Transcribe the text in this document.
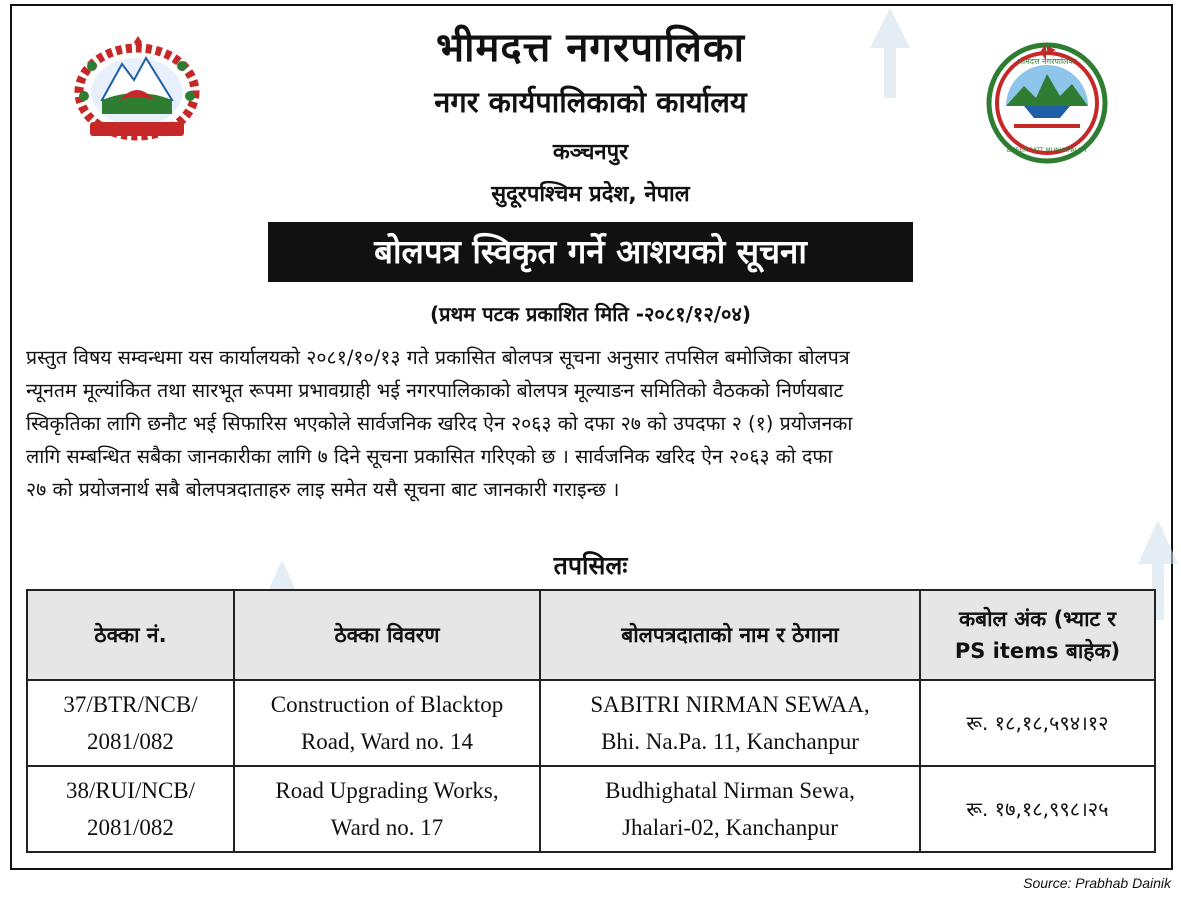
भीमदत्त नगरपालिका
BHEEMDATT MUNICIPALITY
भीमदत्त नगरपालिका
नगर कार्यपालिकाको कार्यालय
कञ्चनपुर
सुदूरपश्चिम प्रदेश, नेपाल
बोलपत्र स्विकृत गर्ने आशयको सूचना
(प्रथम पटक प्रकाशित मिति -२०८१/१२/०४)
प्रस्तुत विषय सम्वन्धमा यस कार्यालयको २०८१/१०/१३ गते प्रकासित बोलपत्र सूचना अनुसार तपसिल बमोजिका बोलपत्र
न्यूनतम मूल्यांकित तथा सारभूत रूपमा प्रभावग्राही भई नगरपालिकाको बोलपत्र मूल्याङन समितिको वैठकको निर्णयबाट
स्विकृतिका लागि छनौट भई सिफारिस भएकोले सार्वजनिक खरिद ऐन २०६३ को दफा २७ को उपदफा २ (१) प्रयोजनका
लागि सम्बन्धित सबैका जानकारीका लागि ७ दिने सूचना प्रकासित गरिएको छ । सार्वजनिक खरिद ऐन २०६३ को दफा
२७ को प्रयोजनार्थ सबै बोलपत्रदाताहरु लाइ समेत यसै सूचना बाट जानकारी गराइन्छ ।
तपसिलः
ठेक्का नं.	ठेक्का विवरण	बोलपत्रदाताको नाम र ठेगाना	कबोल अंक (भ्याट र
PS items बाहेक)

37/BTR/NCB/
2081/082	Construction of Blacktop
Road, Ward no. 14	SABITRI NIRMAN SEWAA,
Bhi. Na.Pa. 11, Kanchanpur	रू. १८,१८,५९४।१२

38/RUI/NCB/
2081/082	Road Upgrading Works,
Ward no. 17	Budhighatal Nirman Sewa,
Jhalari-02, Kanchanpur	रू. १७,१८,९९८।२५
Source: Prabhab Dainik
